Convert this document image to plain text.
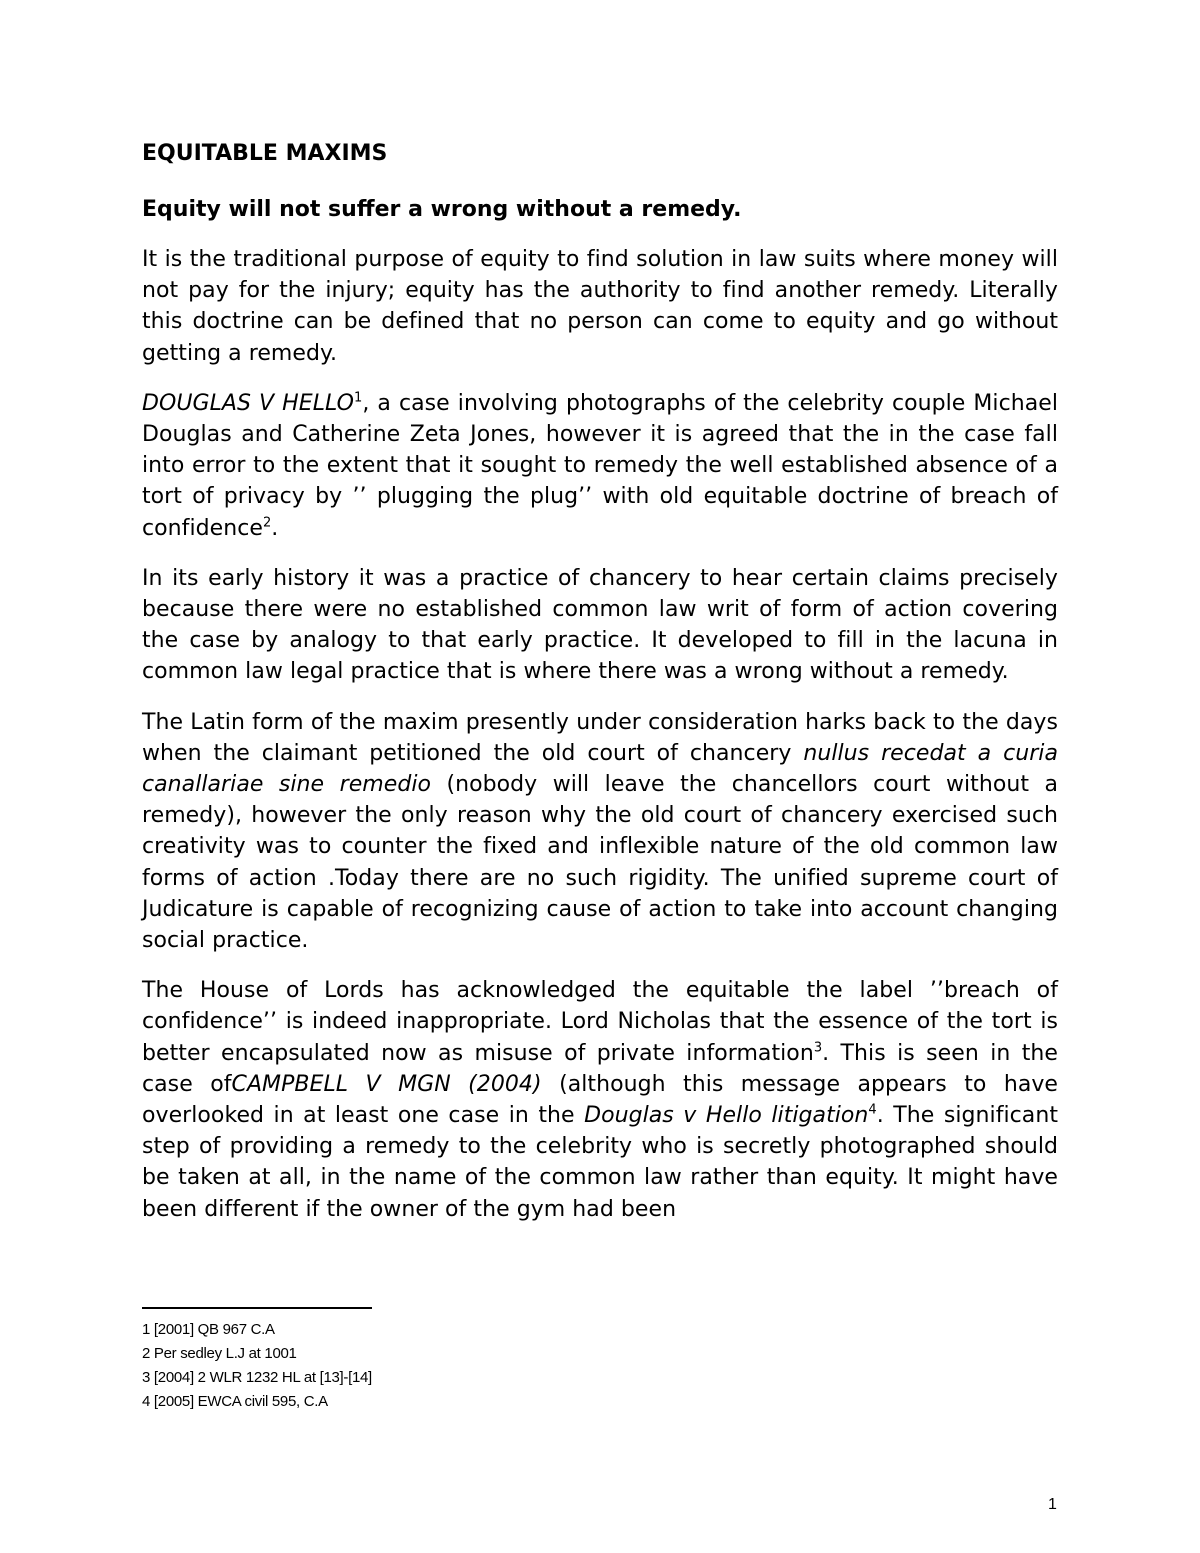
EQUITABLE MAXIMS
Equity will not suffer a wrong without a remedy.

It is the traditional purpose of equity to find solution in law suits where money will not pay for the injury; equity has the authority to find another remedy. Literally this doctrine can be defined that no person can come to equity and go without getting a remedy.

DOUGLAS V HELLO$^1$, a case involving photographs of the celebrity couple Michael Douglas and Catherine Zeta Jones, however it is agreed that the in the case fall into error to the extent that it sought to remedy the well established absence of a tort of privacy by ’’ plugging the plug’’ with old equitable doctrine of breach of confidence$^2$.

In its early history it was a practice of chancery to hear certain claims precisely because there were no established common law writ of form of action covering the case by analogy to that early practice. It developed to fill in the lacuna in common law legal practice that is where there was a wrong without a remedy.

The Latin form of the maxim presently under consideration harks back to the days when the claimant petitioned the old court of chancery nullus recedat a curia canallariae sine remedio (nobody will leave the chancellors court without a remedy), however the only reason why the old court of chancery exercised such creativity was to counter the fixed and inflexible nature of the old common law forms of action .Today there are no such rigidity. The unified supreme court of Judicature is capable of recognizing cause of action to take into account changing social practice.

The House of Lords has acknowledged the equitable the label ’’breach of confidence’’ is indeed inappropriate. Lord Nicholas that the essence of the tort is better encapsulated now as misuse of private information$^3$. This is seen in the case ofCAMPBELL V MGN (2004) (although this message appears to have overlooked in at least one case in the Douglas v Hello litigation$^4$. The significant step of providing a remedy to the celebrity who is secretly photographed should be taken at all, in the name of the common law rather than equity. It might have been different if the owner of the gym had been

1 [2001] QB 967 C.A
2 Per sedley L.J at 1001
3 [2004] 2 WLR 1232 HL at [13]-[14]
4 [2005] EWCA civil 595, C.A
1
